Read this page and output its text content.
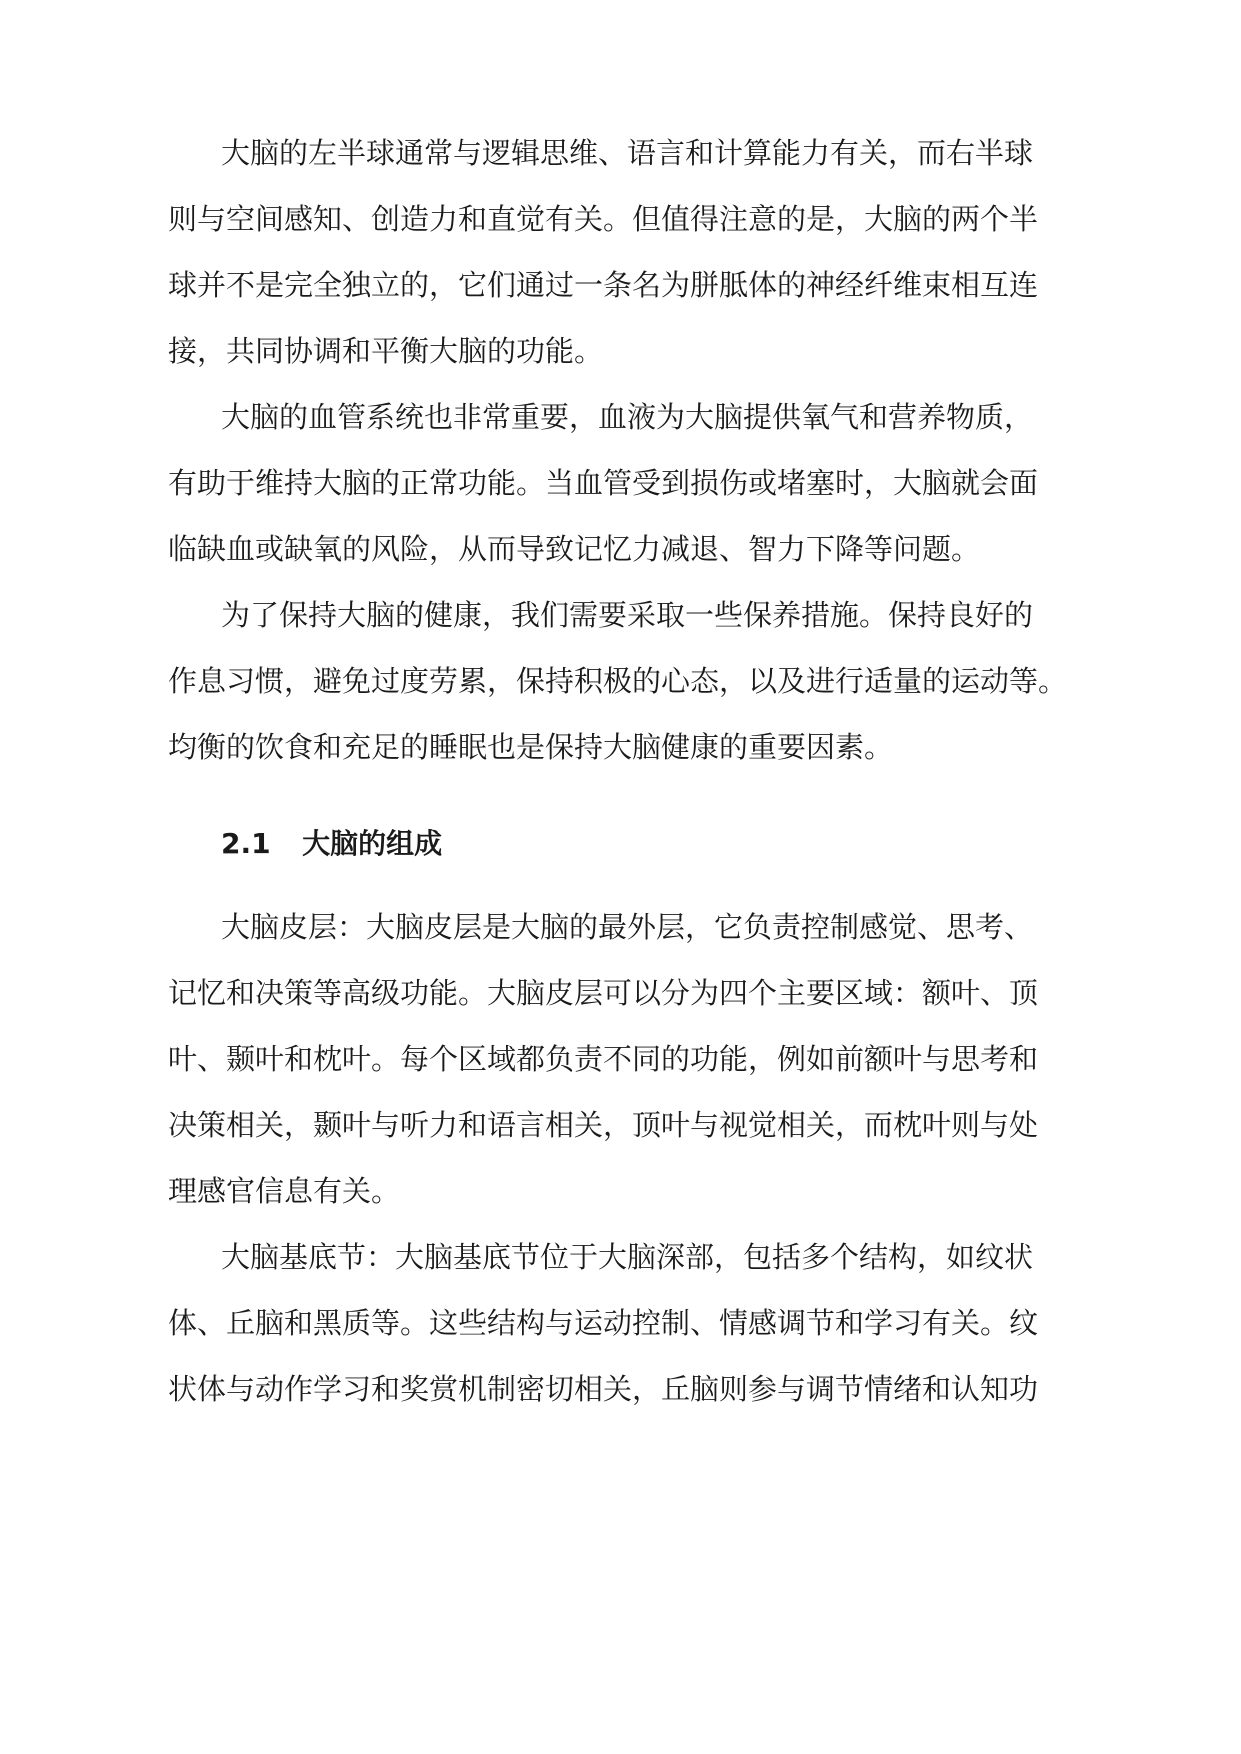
大脑的左半球通常与逻辑思维、语言和计算能力有关，而右半球
则与空间感知、创造力和直觉有关。但值得注意的是，大脑的两个半
球并不是完全独立的，它们通过一条名为胼胝体的神经纤维束相互连
接，共同协调和平衡大脑的功能。
大脑的血管系统也非常重要，血液为大脑提供氧气和营养物质，
有助于维持大脑的正常功能。当血管受到损伤或堵塞时，大脑就会面
临缺血或缺氧的风险，从而导致记忆力减退、智力下降等问题。
为了保持大脑的健康，我们需要采取一些保养措施。保持良好的
作息习惯，避免过度劳累，保持积极的心态，以及进行适量的运动等。
均衡的饮食和充足的睡眠也是保持大脑健康的重要因素。
2.1 大脑的组成
大脑皮层：大脑皮层是大脑的最外层，它负责控制感觉、思考、
记忆和决策等高级功能。大脑皮层可以分为四个主要区域：额叶、顶
叶、颞叶和枕叶。每个区域都负责不同的功能，例如前额叶与思考和
决策相关，颞叶与听力和语言相关，顶叶与视觉相关，而枕叶则与处
理感官信息有关。
大脑基底节：大脑基底节位于大脑深部，包括多个结构，如纹状
体、丘脑和黑质等。这些结构与运动控制、情感调节和学习有关。纹
状体与动作学习和奖赏机制密切相关，丘脑则参与调节情绪和认知功
